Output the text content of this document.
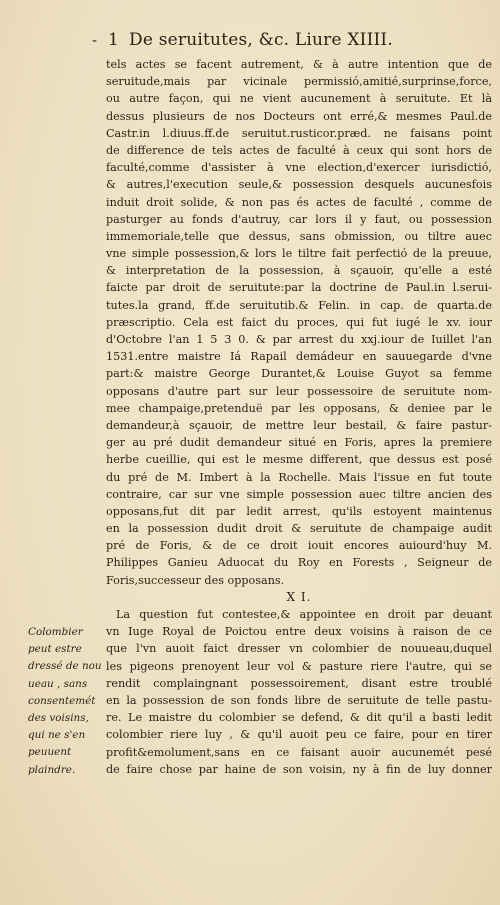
- 1 De seruitutes, &c. Liure XIIII.
tels actes se facent autrement, & à autre intention que de
seruitude,mais par vicinale permissió,amitié,surprinse,force,
ou autre façon, qui ne vient aucunement à seruitute. Et là
dessus plusieurs de nos Docteurs ont erré,& mesmes Paul.de
Castr.in l.diuus.ff.de seruitut.rusticor.præd. ne faisans point
de difference de tels actes de faculté à ceux qui sont hors de
faculté,comme d'assister à vne election,d'exercer iurisdictió,
& autres,l'execution seule,& possession desquels aucunesfois
induit droit solide, & non pas és actes de faculté , comme de
pasturger au fonds d'autruy, car lors il y faut, ou possession
immemoriale,telle que dessus, sans obmission, ou tiltre auec
vne simple possession,& lors le tiltre fait perfectió de la preuue,
& interpretation de la possession, à sçauoir, qu'elle a esté
faicte par droit de seruitute:par la doctrine de Paul.in l.serui-
tutes.la grand, ff.de seruitutib.& Felin. in cap. de quarta.de
præscriptio. Cela est faict du proces, qui fut iugé le xv. iour
d'Octobre l'an 1 5 3 0. & par arrest du xxj.iour de Iuillet l'an
1531.entre maistre Iá Rapail demádeur en sauuegarde d'vne
part:& maistre George Durantet,& Louise Guyot sa femme
opposans d'autre part sur leur possessoire de seruitute nom-
mee champaige,pretenduë par les opposans, & deniee par le
demandeur,à sçauoir, de mettre leur bestail, & faire pastur-
ger au pré dudit demandeur situé en Foris, apres la premiere
herbe cueillie, qui est le mesme different, que dessus est posé
du pré de M. Imbert à la Rochelle. Mais l'issue en fut toute
contraire, car sur vne simple possession auec tiltre ancien des
opposans,fut dit par ledit arrest, qu'ils estoyent maintenus
en la possession dudit droit & seruitute de champaige audit
pré de Foris, & de ce droit iouit encores auiourd'huy M.
Philippes Ganieu Aduocat du Roy en Forests , Seigneur de
Foris,successeur des opposans.
X I.
La question fut contestee,& appointee en droit par deuant
vn Iuge Royal de Poictou entre deux voisins à raison de ce
que l'vn auoit faict dresser vn colombier de nouueau,duquel
les pigeons prenoyent leur vol & pasture riere l'autre, qui se
rendit complaingnant possessoirement, disant estre troublé
en la possession de son fonds libre de seruitute de telle pastu-
re. Le maistre du colombier se defend, & dit qu'il a basti ledit
colombier riere luy , & qu'il auoit peu ce faire, pour en tirer
profit&emolument,sans en ce faisant auoir aucunemét pesé
de faire chose par haine de son voisin, ny à fin de luy donner
Colombier
peut estre
dressé de nou
ueau , sans
consentemét
des voisins,
qui ne s'en
peuuent
plaindre.
